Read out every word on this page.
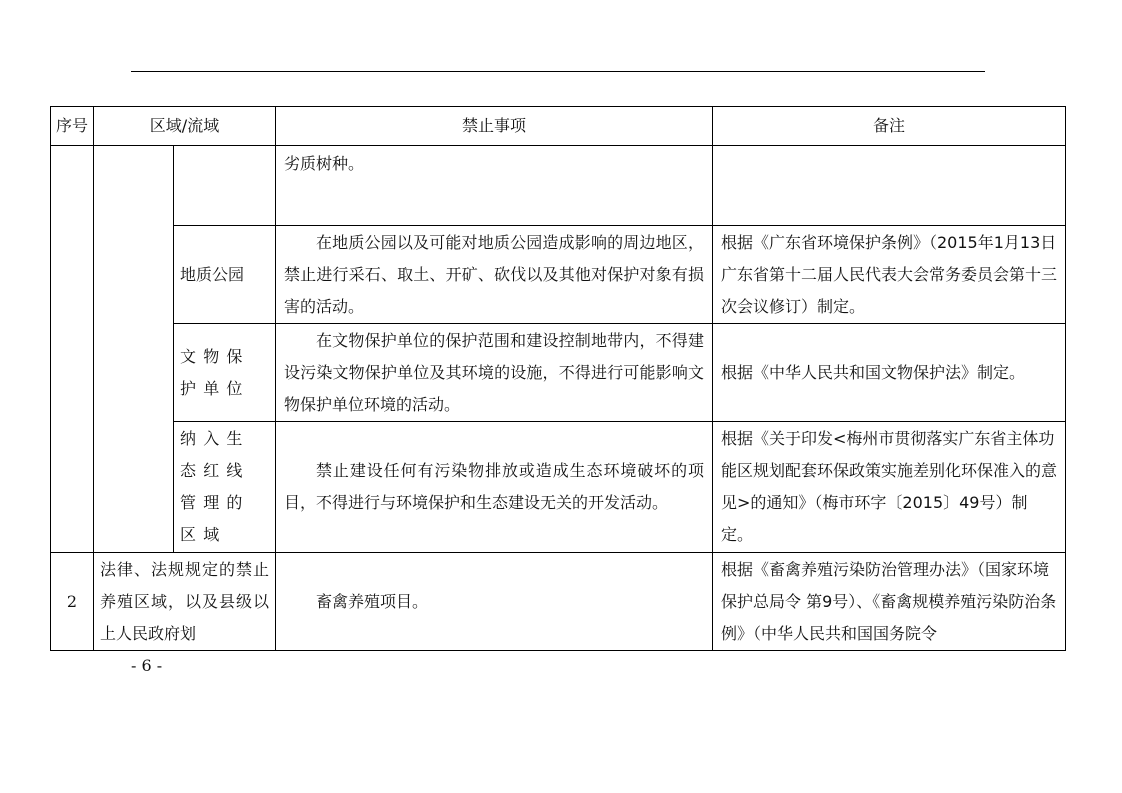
序号	区域/流域		禁止事项	备注
			劣质树种。	
		地质公园	在地质公园以及可能对地质公园造成影响的周边地区，禁止进行采石、取土、开矿、砍伐以及其他对保护对象有损害的活动。	根据《广东省环境保护条例》（2015年1月13日广东省第十二届人民代表大会常务委员会第十三次会议修订）制定。
		文物保护单位	在文物保护单位的保护范围和建设控制地带内，不得建设污染文物保护单位及其环境的设施，不得进行可能影响文物保护单位环境的活动。	根据《中华人民共和国文物保护法》制定。
		纳入生态红线管理的区域	禁止建设任何有污染物排放或造成生态环境破坏的项目，不得进行与环境保护和生态建设无关的开发活动。	根据《关于印发<梅州市贯彻落实广东省主体功能区规划配套环保政策实施差别化环保准入的意见>的通知》（梅市环字〔2015〕49号）制定。
2	法律、法规规定的禁止养殖区域，以及县级以上人民政府划		畜禽养殖项目。	根据《畜禽养殖污染防治管理办法》（国家环境保护总局令 第9号）、《畜禽规模养殖污染防治条例》（中华人民共和国国务院令
- 6 -
